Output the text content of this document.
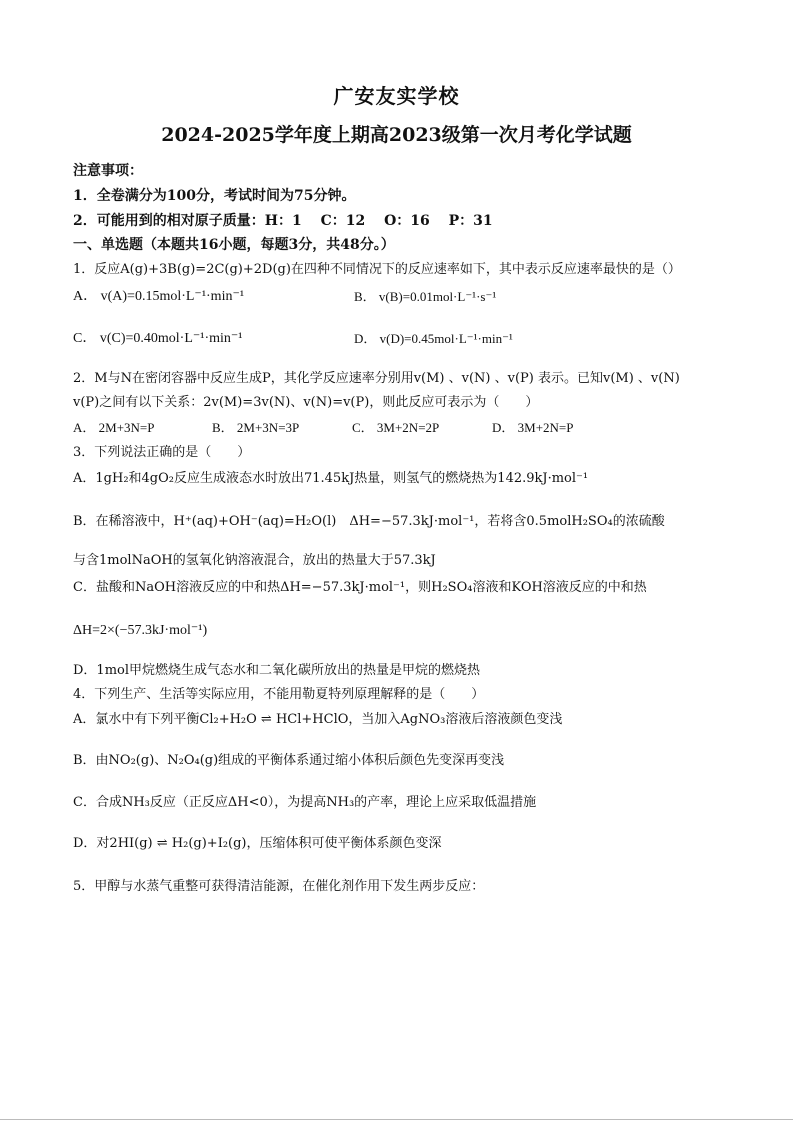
广安友实学校
2024-2025学年度上期高2023级第一次月考化学试题
注意事项：
1．全卷满分为100分，考试时间为75分钟。
2．可能用到的相对原子质量：H：1　 C：12　 O：16　 P：31
一、单选题（本题共16小题，每题3分，共48分。）
1．反应A(g)+3B(g)=2C(g)+2D(g)在四种不同情况下的反应速率如下，其中表示反应速率最快的是（）
A． v(A)=0.15mol·L⁻¹·min⁻¹	B． v(B)=0.01mol·L⁻¹·s⁻¹
C． v(C)=0.40mol·L⁻¹·min⁻¹	D． v(D)=0.45mol·L⁻¹·min⁻¹
2．M与N在密闭容器中反应生成P，其化学反应速率分别用v(M) 、v(N) 、v(P) 表示。已知v(M) 、v(N)
v(P)之间有以下关系：2v(M)=3v(N)、v(N)=v(P)，则此反应可表示为（　　）
A． 2M+3N=P	B． 2M+3N=3P	C． 3M+2N=2P	D． 3M+2N=P
3．下列说法正确的是（　　）
A．1gH₂和4gO₂反应生成液态水时放出71.45kJ热量，则氢气的燃烧热为142.9kJ·mol⁻¹
B．在稀溶液中，H⁺(aq)+OH⁻(aq)=H₂O(l)　ΔH=−57.3kJ·mol⁻¹，若将含0.5molH₂SO₄的浓硫酸
与含1molNaOH的氢氧化钠溶液混合，放出的热量大于57.3kJ
C．盐酸和NaOH溶液反应的中和热ΔH=−57.3kJ·mol⁻¹，则H₂SO₄溶液和KOH溶液反应的中和热
ΔH=2×(−57.3kJ·mol⁻¹)
D．1mol甲烷燃烧生成气态水和二氧化碳所放出的热量是甲烷的燃烧热
4．下列生产、生活等实际应用，不能用勒夏特列原理解释的是（　　）
A．氯水中有下列平衡Cl₂+H₂O ⇌ HCl+HClO，当加入AgNO₃溶液后溶液颜色变浅
B．由NO₂(g)、N₂O₄(g)组成的平衡体系通过缩小体积后颜色先变深再变浅
C．合成NH₃反应（正反应ΔH<0），为提高NH₃的产率，理论上应采取低温措施
D．对2HI(g) ⇌ H₂(g)+I₂(g)，压缩体积可使平衡体系颜色变深
5．甲醇与水蒸气重整可获得清洁能源，在催化剂作用下发生两步反应：
